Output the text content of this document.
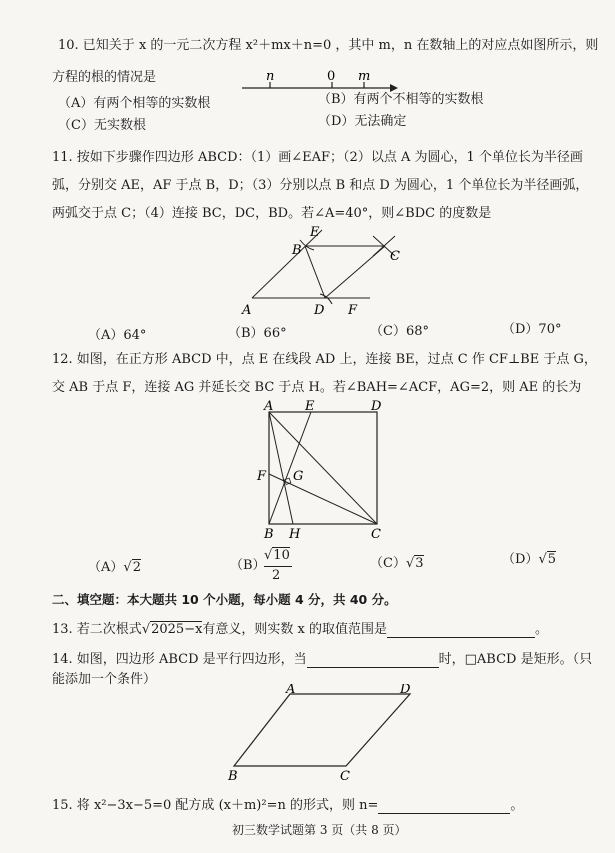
10. 已知关于 x 的一元二次方程 x²＋mx＋n=0 ，其中 m，n 在数轴上的对应点如图所示，则
方程的根的情况是	n	0 m
（A）有两个相等的实数根	（B）有两个不相等的实数根
（C）无实数根	（D）无法确定
11. 按如下步骤作四边形 ABCD：（1）画∠EAF；（2）以点 A 为圆心，1 个单位长为半径画
弧，分别交 AE，AF 于点 B，D；（3）分别以点 B 和点 D 为圆心，1 个单位长为半径画弧，
两弧交于点 C；（4）连接 BC，DC，BD。若∠A=40°，则∠BDC 的度数是
E
B	C
A	D F
（A）64°	（B）66°	（C）68°	（D）70°
12. 如图，在正方形 ABCD 中，点 E 在线段 AD 上，连接 BE，过点 C 作 CF⊥BE 于点 G，
交 AB 于点 F，连接 AG 并延长交 BC 于点 H。若∠BAH=∠ACF，AG=2，则 AE 的长为
A E	D
F G
B H	C
（A）√2	（B）
√10
2
（C）√3	（D）√5
二、填空题：本大题共 10 个小题，每小题 4 分，共 40 分。
13. 若二次根式√2025−x有意义，则实数 x 的取值范围是	。
14. 如图，四边形 ABCD 是平行四边形，当	时，□ABCD 是矩形。（只
能添加一个条件）
A	D
B	C
15. 将 x²−3x−5=0 配方成 (x＋m)²=n 的形式，则 n=	。
初三数学试题第 3 页（共 8 页）
